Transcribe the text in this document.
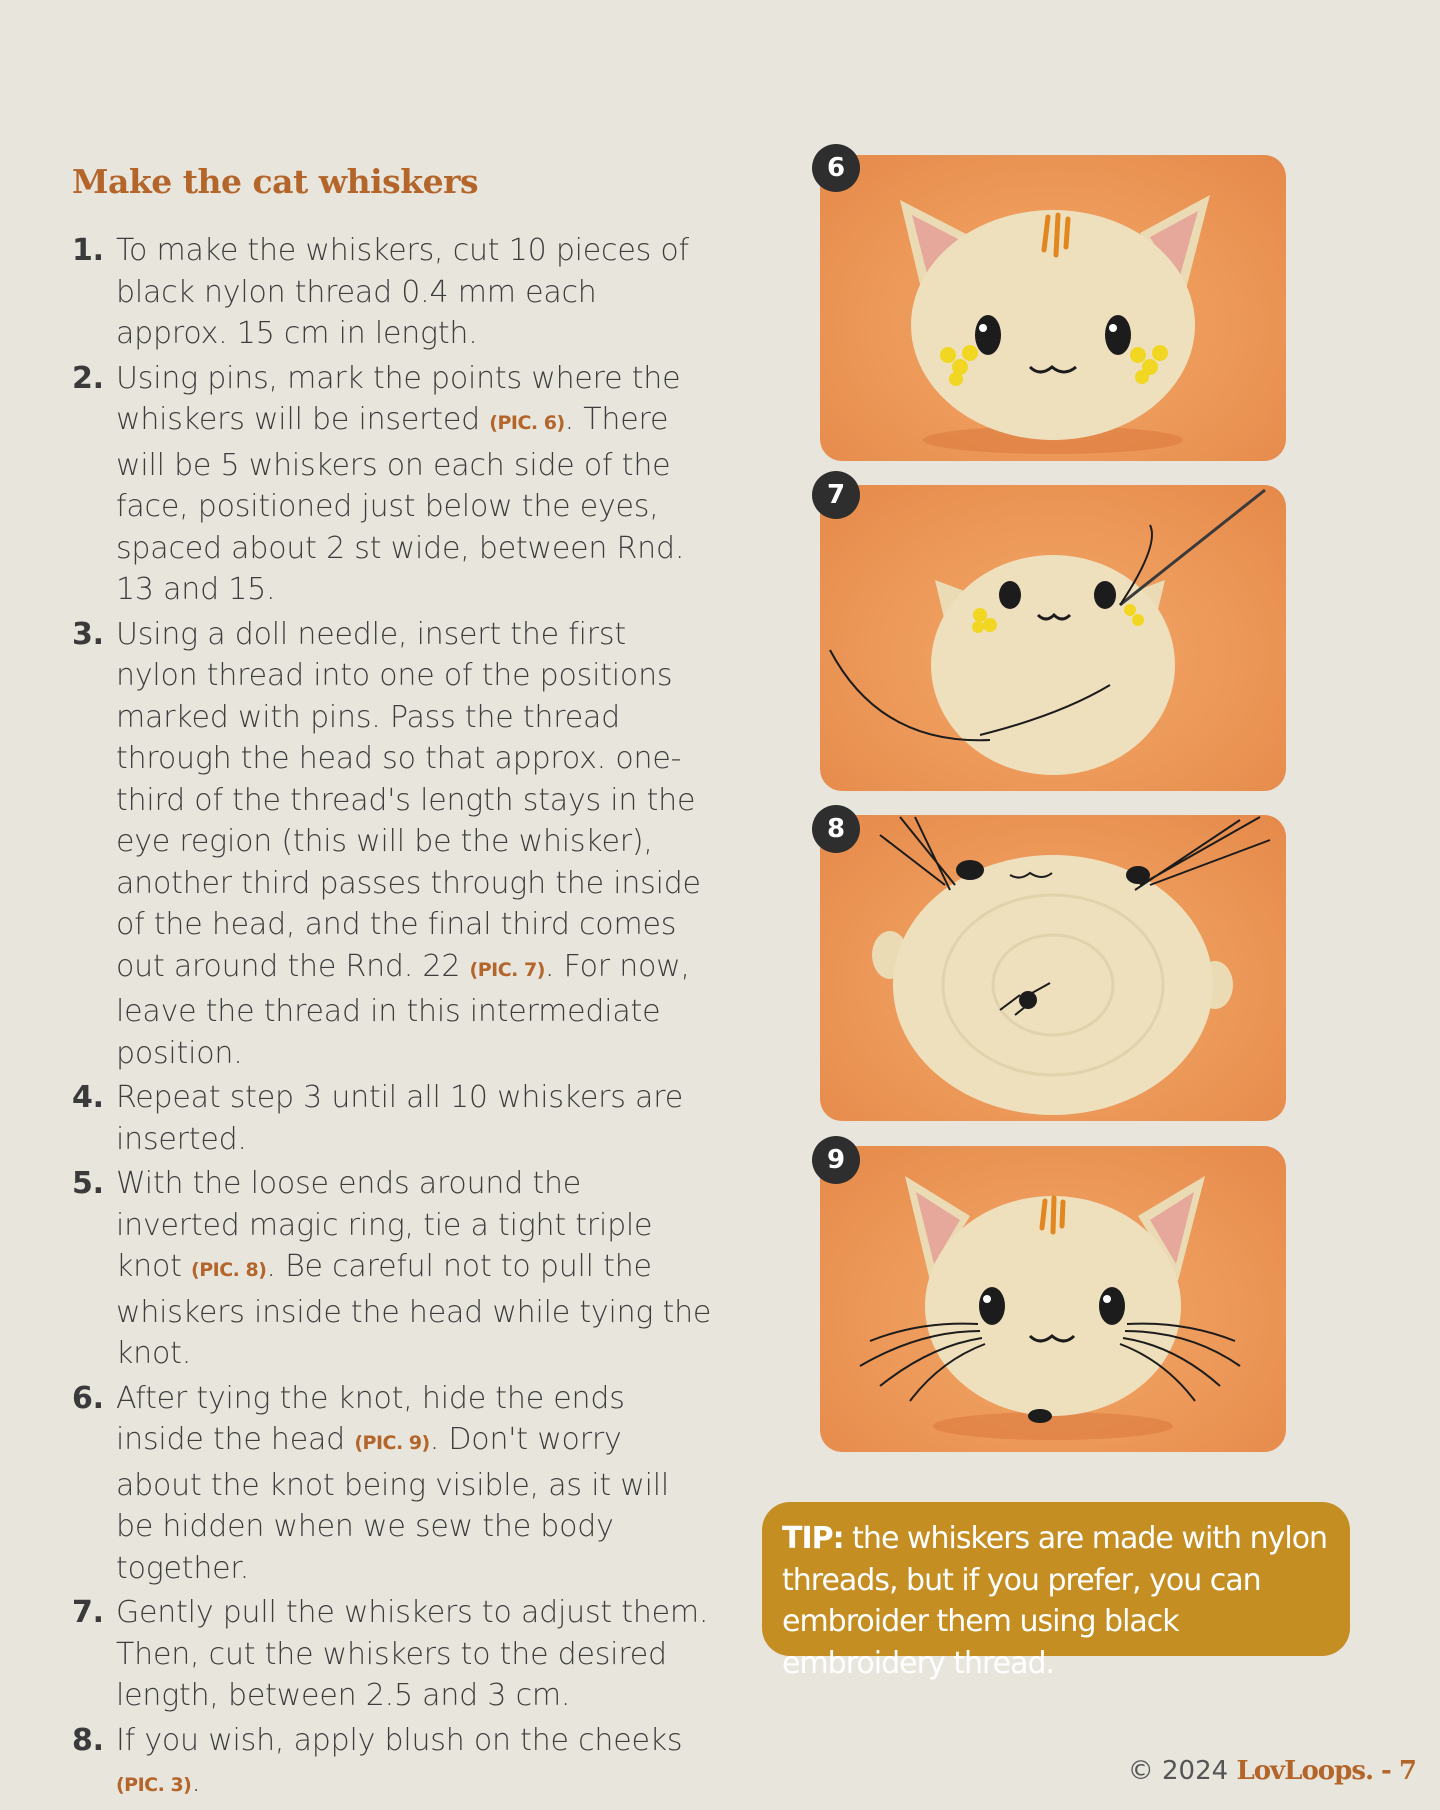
Make the cat whiskers
1. To make the whiskers, cut 10 pieces of black nylon thread 0.4 mm each approx. 15 cm in length.
2. Using pins, mark the points where the whiskers will be inserted (PIC. 6). There will be 5 whiskers on each side of the face, positioned just below the eyes, spaced about 2 st wide, between Rnd. 13 and 15.
3. Using a doll needle, insert the first nylon thread into one of the positions marked with pins. Pass the thread through the head so that approx. one-third of the thread's length stays in the eye region (this will be the whisker), another third passes through the inside of the head, and the final third comes out around the Rnd. 22 (PIC. 7). For now, leave the thread in this intermediate position.
4. Repeat step 3 until all 10 whiskers are inserted.
5. With the loose ends around the inverted magic ring, tie a tight triple knot (PIC. 8). Be careful not to pull the whiskers inside the head while tying the knot.
6. After tying the knot, hide the ends inside the head (PIC. 9). Don't worry about the knot being visible, as it will be hidden when we sew the body together.
7. Gently pull the whiskers to adjust them. Then, cut the whiskers to the desired length, between 2.5 and 3 cm.
8. If you wish, apply blush on the cheeks
(PIC. 3).
6
7
8
9
TIP: the whiskers are made with nylon threads, but if you prefer, you can embroider them using black embroidery thread.
© 2024 LovLoops. - 7
